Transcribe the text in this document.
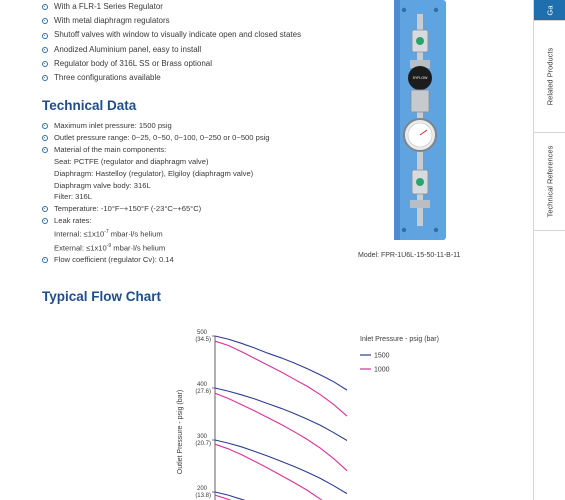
With a FLR-1 Series Regulator
With metal diaphragm regulators
Shutoff valves with window to visually indicate open and closed states
Anodized Aluminium panel, easy to install
Regulator body of 316L SS or Brass optional
Three configurations available
Technical Data
Maximum inlet pressure: 1500 psig
Outlet pressure range: 0~25, 0~50, 0~100, 0~250 or 0~500 psig
Material of the main components:
Seat: PCTFE (regulator and diaphragm valve)
Diaphragm: Hastelloy (regulator), Elgiloy (diaphragm valve)
Diaphragm valve body: 316L
Filter: 316L
Temperature: -10°F~+150°F (-23°C~+65°C)
Leak rates:
Internal: $\le 1x10^{-7}$ mbar·l/s helium
External: $\le 1x10^{-9}$ mbar·l/s helium
Flow coefficient (regulator Cv): 0.14
SYFLOW
Model: FPR-1U6L-15-50-11-B-11
Typical Flow Chart
500
(34.5)
400
(27.6)
300
(20.7)
200
(13.8)
Outlet Pressure - psig (bar)
Inlet Pressure - psig (bar)
1500
1000
Ga
Related Products
Technical References
